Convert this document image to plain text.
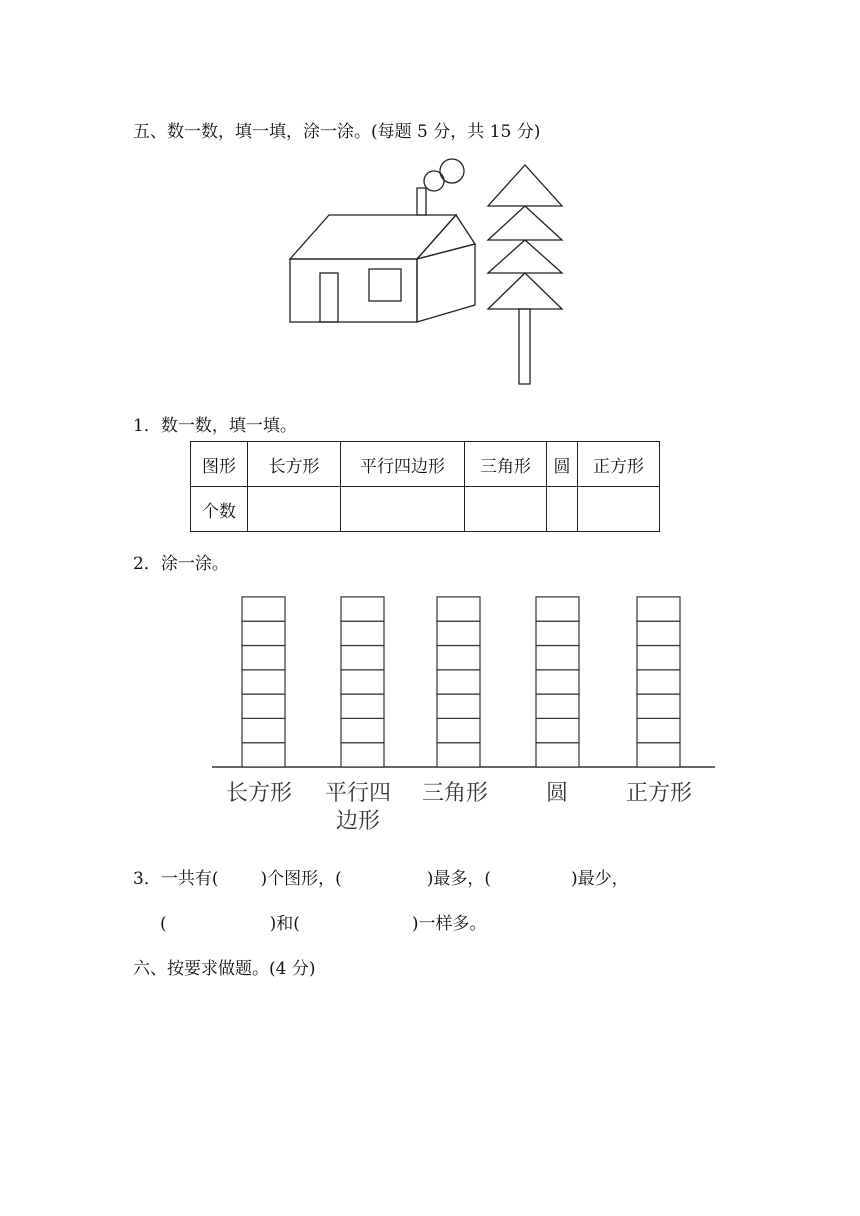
五、数一数，填一填，涂一涂。(每题 5 分，共 15 分)
1．数一数，填一填。
图形	长方形	平行四边形	三角形	圆	正方形
个数					
2．涂一涂。
长方形	平行四边形
三角形	圆	正方形
3．一共有( )个图形，(	)最多，(	)最少，
(	)和(	)一样多。
六、按要求做题。(4 分)
